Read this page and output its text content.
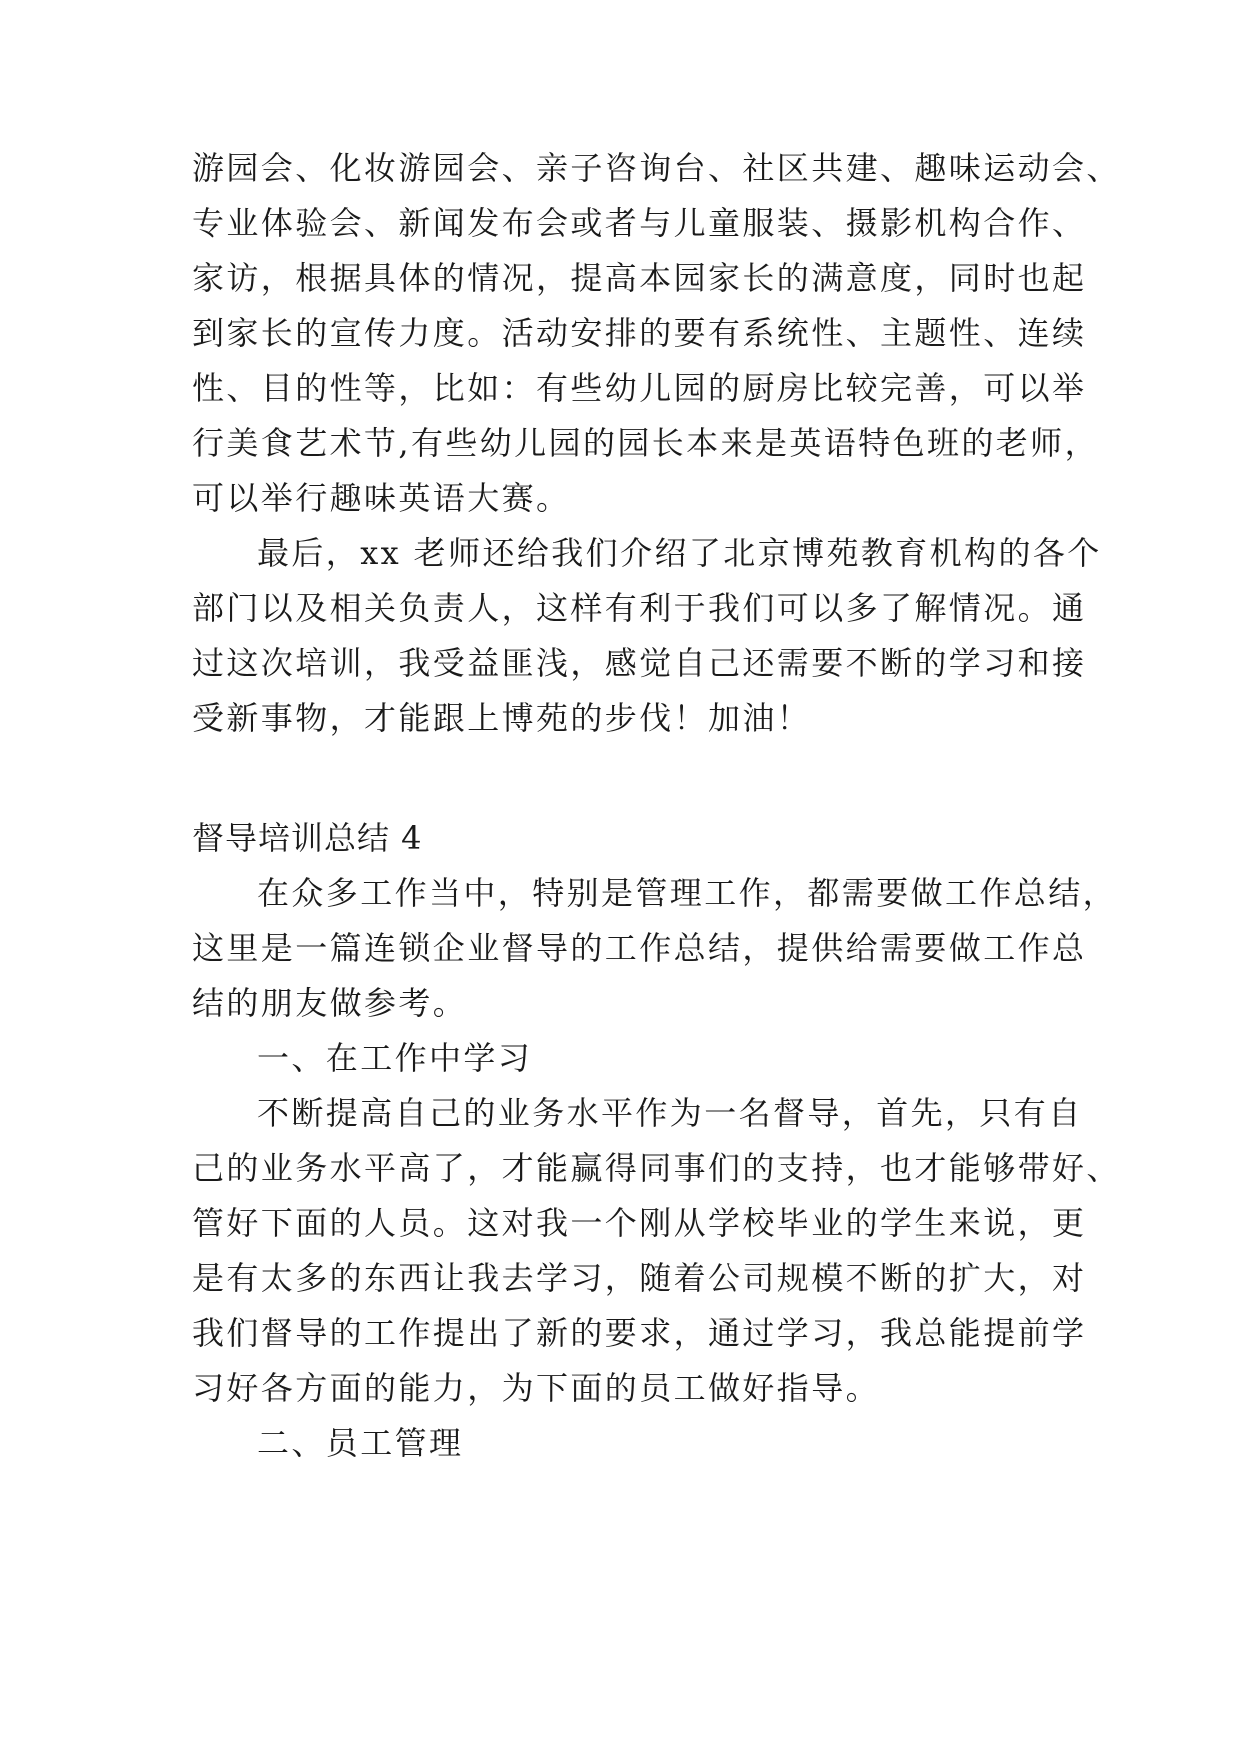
游园会、化妆游园会、亲子咨询台、社区共建、趣味运动会、
专业体验会、新闻发布会或者与儿童服装、摄影机构合作、
家访，根据具体的情况，提高本园家长的满意度，同时也起
到家长的宣传力度。活动安排的要有系统性、主题性、连续
性、目的性等，比如：有些幼儿园的厨房比较完善，可以举
行美食艺术节,有些幼儿园的园长本来是英语特色班的老师，
可以举行趣味英语大赛。
最后，xx 老师还给我们介绍了北京博苑教育机构的各个
部门以及相关负责人，这样有利于我们可以多了解情况。通
过这次培训，我受益匪浅，感觉自己还需要不断的学习和接
受新事物，才能跟上博苑的步伐！加油！
督导培训总结 4
在众多工作当中，特别是管理工作，都需要做工作总结，
这里是一篇连锁企业督导的工作总结，提供给需要做工作总
结的朋友做参考。
一、在工作中学习
不断提高自己的业务水平作为一名督导，首先，只有自
己的业务水平高了，才能赢得同事们的支持，也才能够带好、
管好下面的人员。这对我一个刚从学校毕业的学生来说，更
是有太多的东西让我去学习，随着公司规模不断的扩大，对
我们督导的工作提出了新的要求，通过学习，我总能提前学
习好各方面的能力，为下面的员工做好指导。
二、员工管理
